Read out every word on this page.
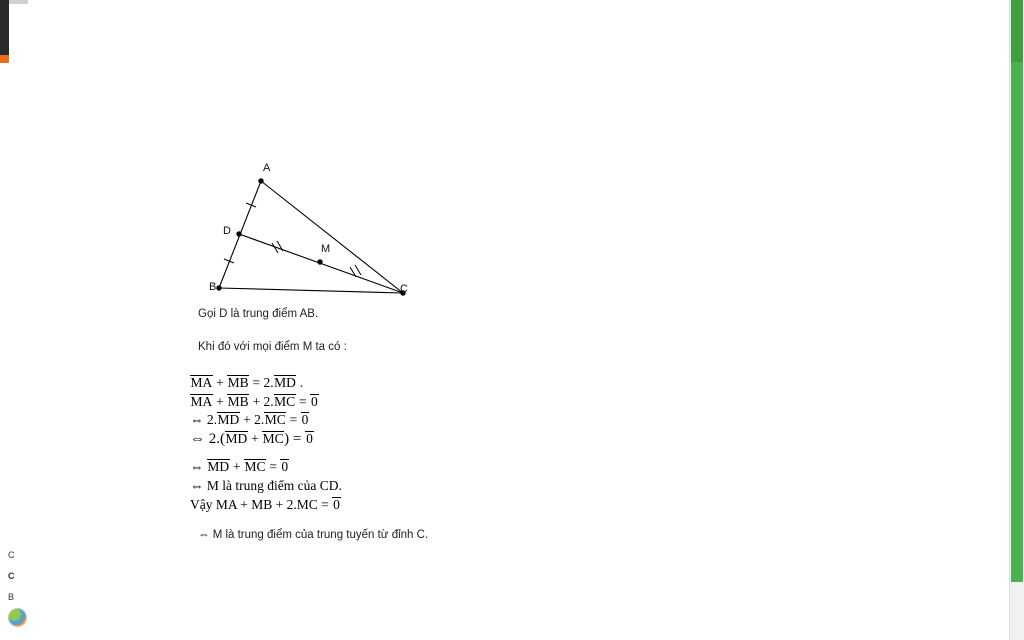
C
C
B
A
D
M
B	C

Gọi D là trung điểm AB.

Khi đó với mọi điểm M ta có :

MA + MB = 2.MD .
MA + MB + 2.MC = 0
⇔ 2.MD + 2.MC = 0
⇔ 2.(MD + MC) = 0
⇔ MD + MC = 0
⇔ M là trung điểm của CD.
Vậy MA + MB + 2.MC = 0

⇔ M là trung điểm của trung tuyến từ đỉnh C.
